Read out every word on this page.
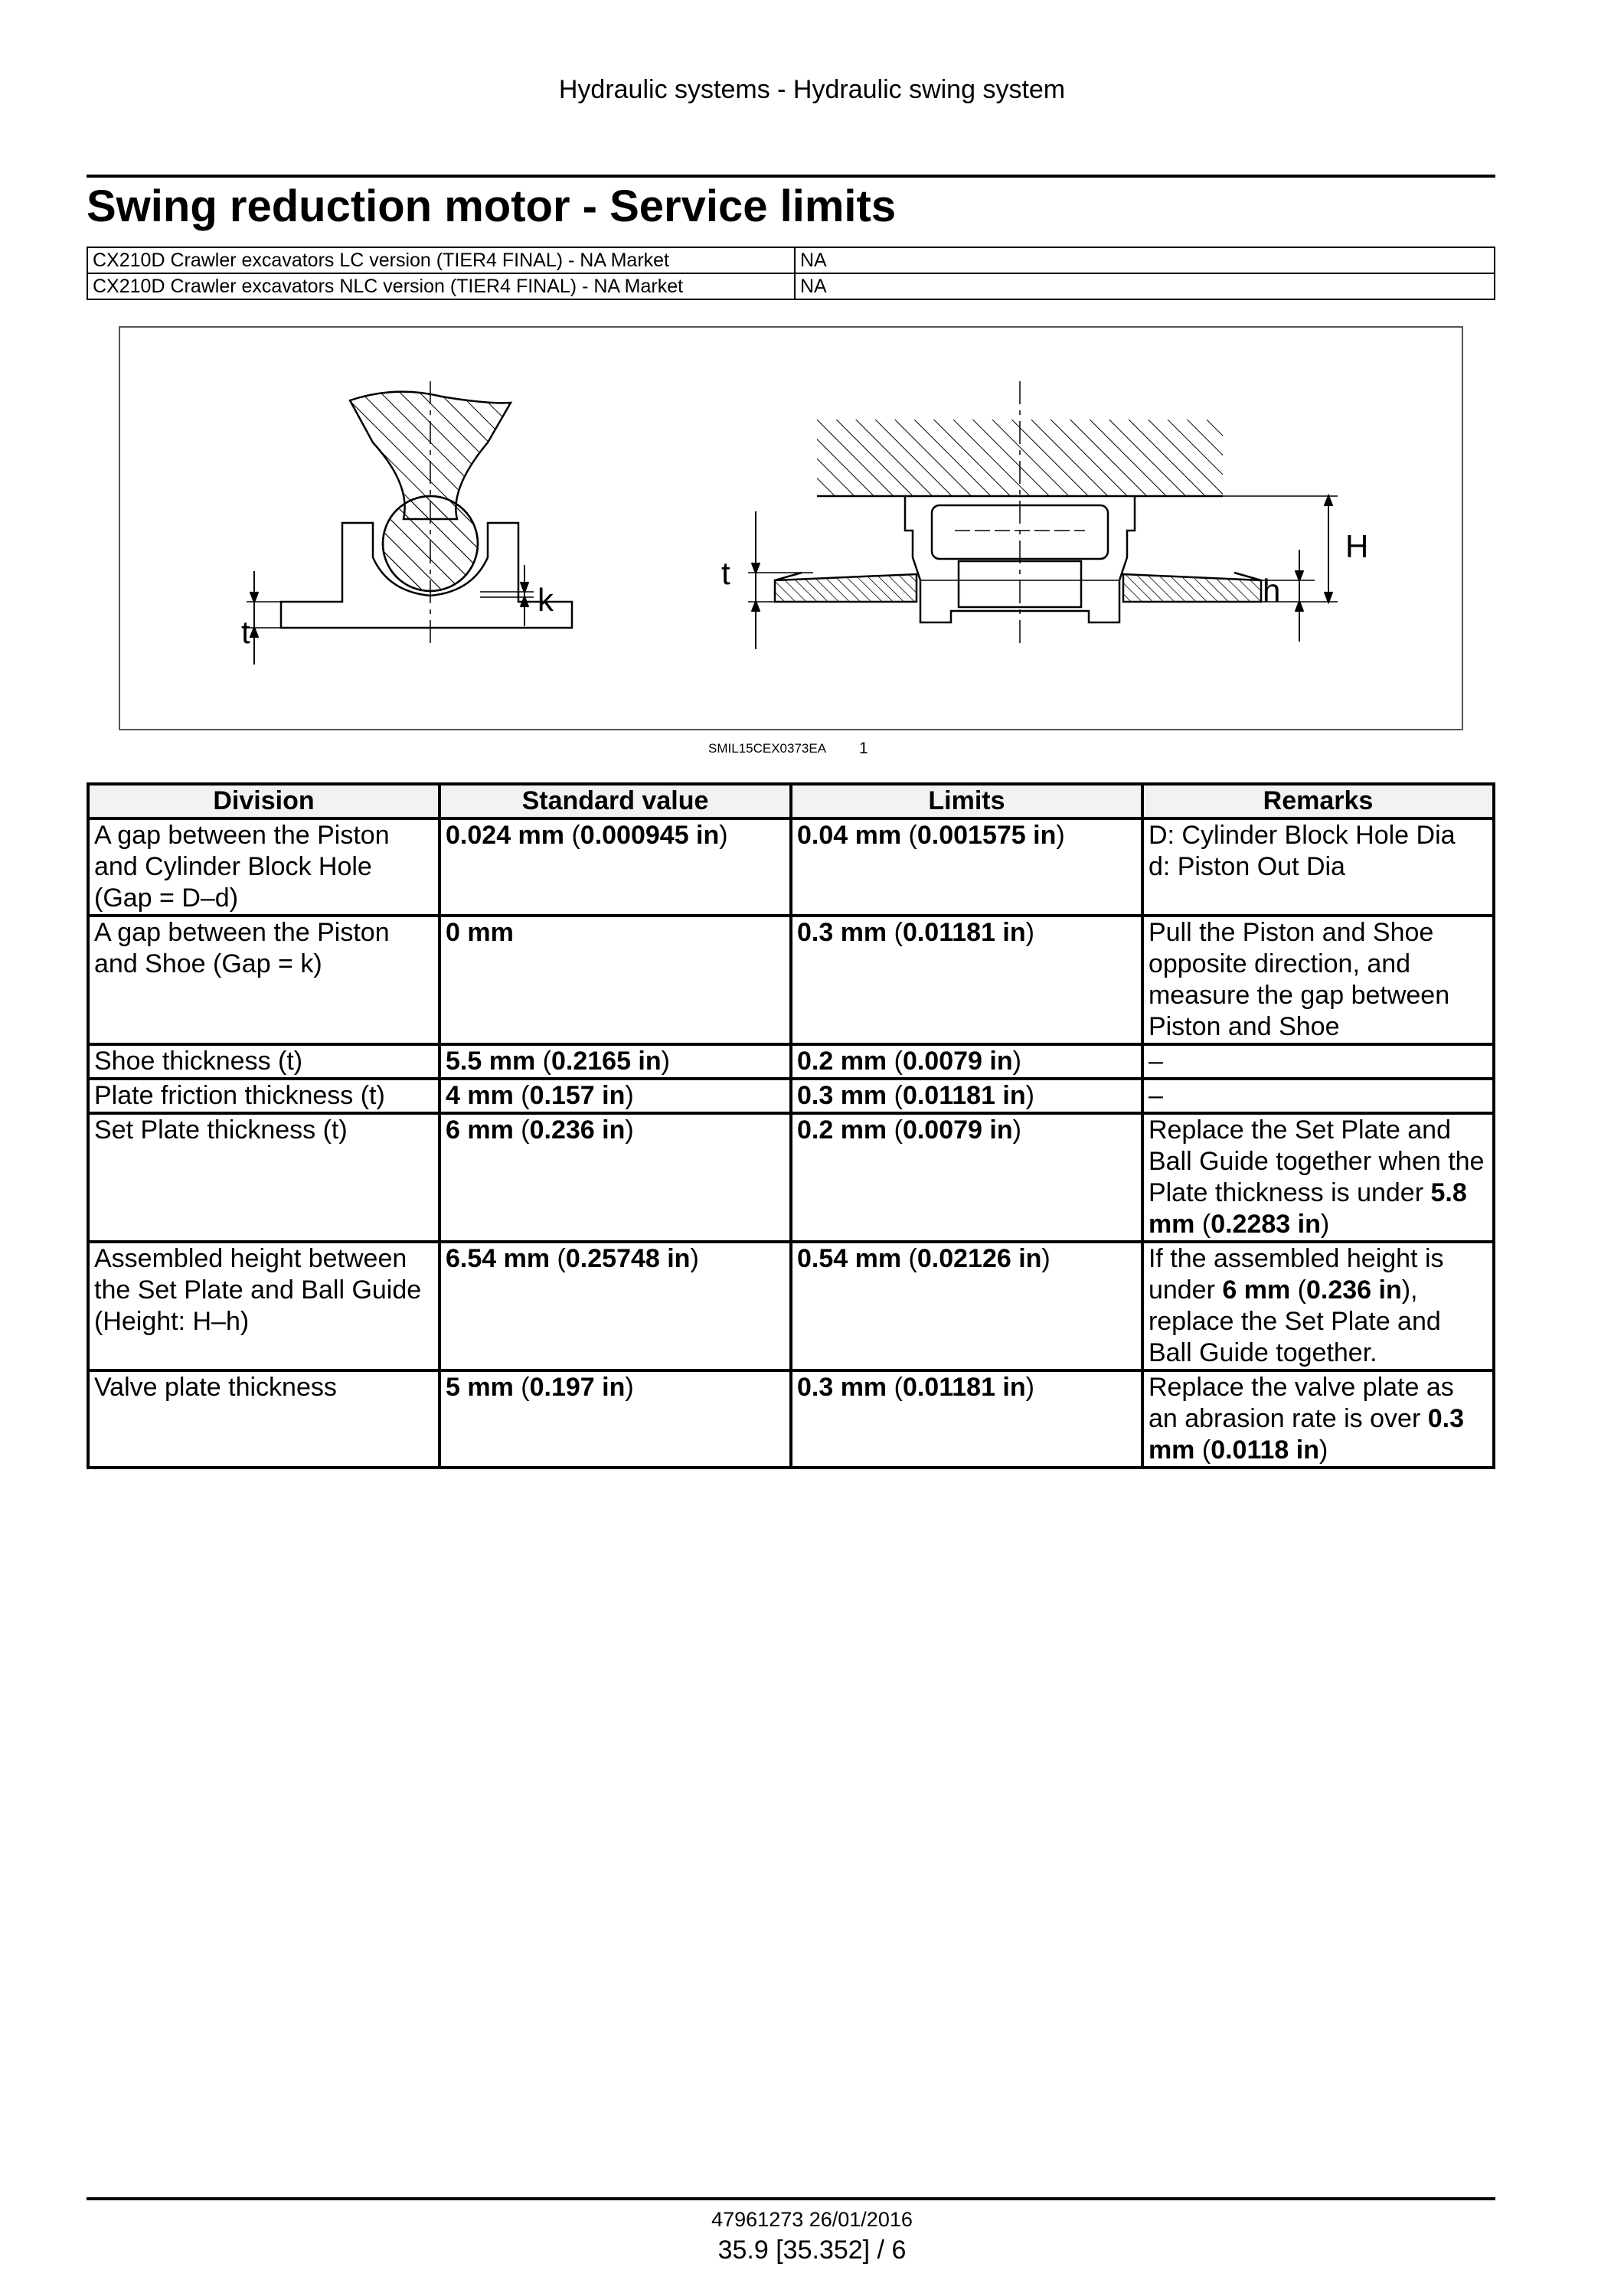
Hydraulic systems - Hydraulic swing system
Swing reduction motor - Service limits
CX210D Crawler excavators LC version (TIER4 FINAL) - NA Market	NA
CX210D Crawler excavators NLC version (TIER4 FINAL) - NA Market	NA
t
k
t
H
h
SMIL15CEX0373EA 1
Division	Standard value	Limits	Remarks
A gap between the Piston and Cylinder Block Hole (Gap = D–d)	0.024 mm (0.000945 in)	0.04 mm (0.001575 in)	D: Cylinder Block Hole Dia
d: Piston Out Dia

A gap between the Piston and Shoe (Gap = k)	0 mm	0.3 mm (0.01181 in)	Pull the Piston and Shoe opposite direction, and measure the gap between Piston and Shoe
Shoe thickness (t)	5.5 mm (0.2165 in)	0.2 mm (0.0079 in)	–
Plate friction thickness (t)	4 mm (0.157 in)	0.3 mm (0.01181 in)	–
Set Plate thickness (t)	6 mm (0.236 in)	0.2 mm (0.0079 in)	Replace the Set Plate and Ball Guide together when the Plate thickness is under 5.8 mm (0.2283 in)
Assembled height between the Set Plate and Ball Guide (Height: H–h)	6.54 mm (0.25748 in)	0.54 mm (0.02126 in)	If the assembled height is under 6 mm (0.236 in), replace the Set Plate and Ball Guide together.
Valve plate thickness	5 mm (0.197 in)	0.3 mm (0.01181 in)	Replace the valve plate as an abrasion rate is over 0.3 mm (0.0118 in)
47961273 26/01/2016
35.9 [35.352] / 6
